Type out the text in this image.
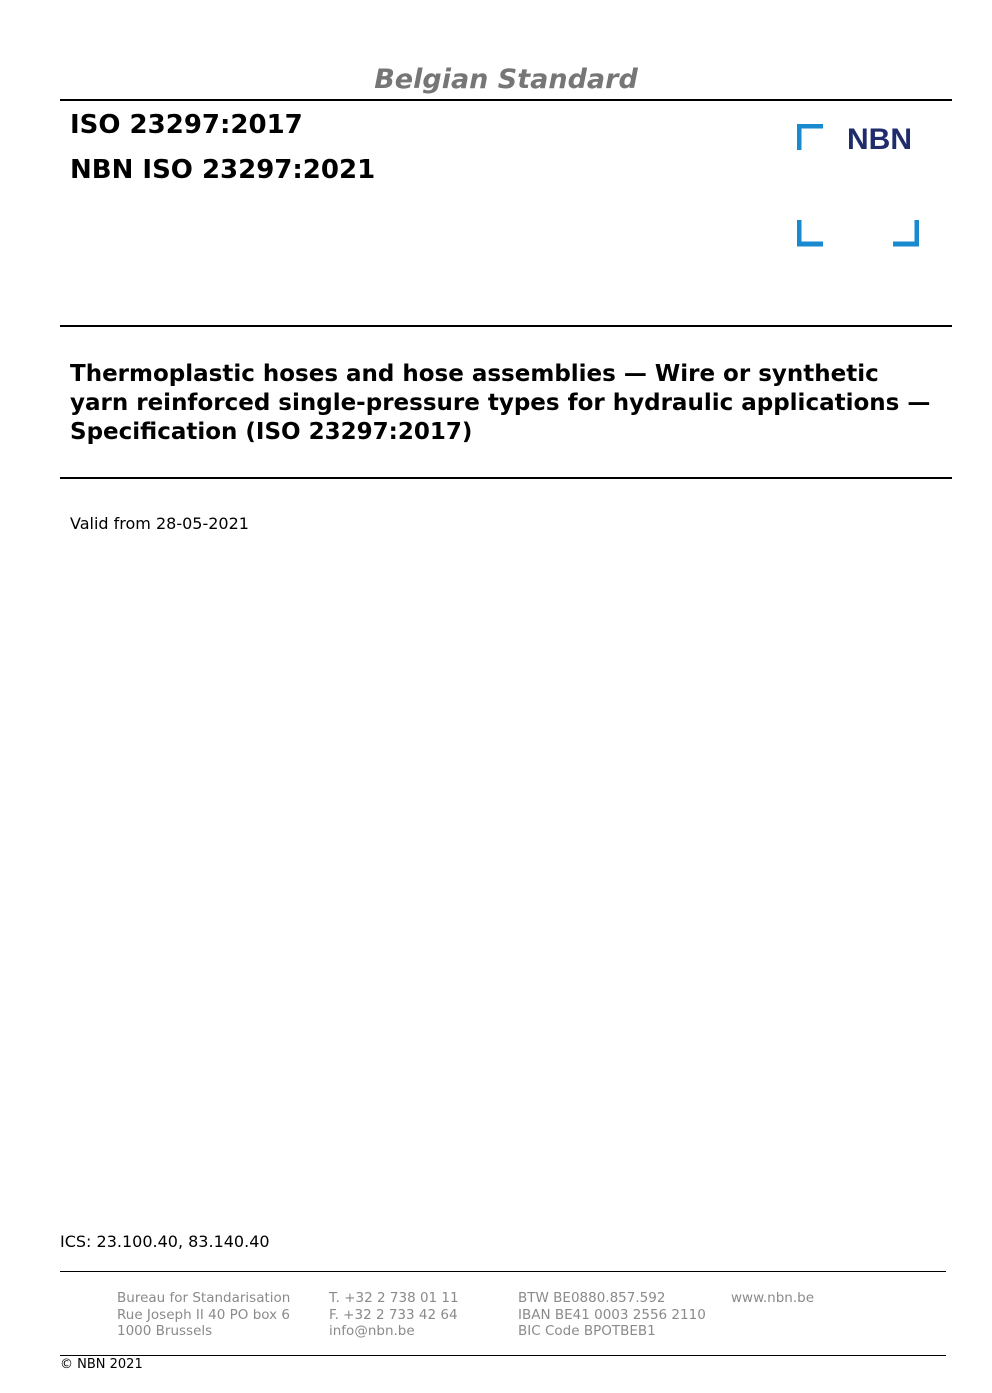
Belgian Standard
ISO 23297:2017
NBN ISO 23297:2021
NBN
Thermoplastic hoses and hose assemblies — Wire or synthetic
yarn reinforced single-pressure types for hydraulic applications —
Specification (ISO 23297:2017)
Valid from 28-05-2021
ICS: 23.100.40, 83.140.40
Bureau for Standarisation
Rue Joseph II 40 PO box 6
1000 Brussels
T. +32 2 738 01 11
F. +32 2 733 42 64
info@nbn.be
BTW BE0880.857.592
IBAN BE41 0003 2556 2110
BIC Code BPOTBEB1
www.nbn.be
© NBN 2021
